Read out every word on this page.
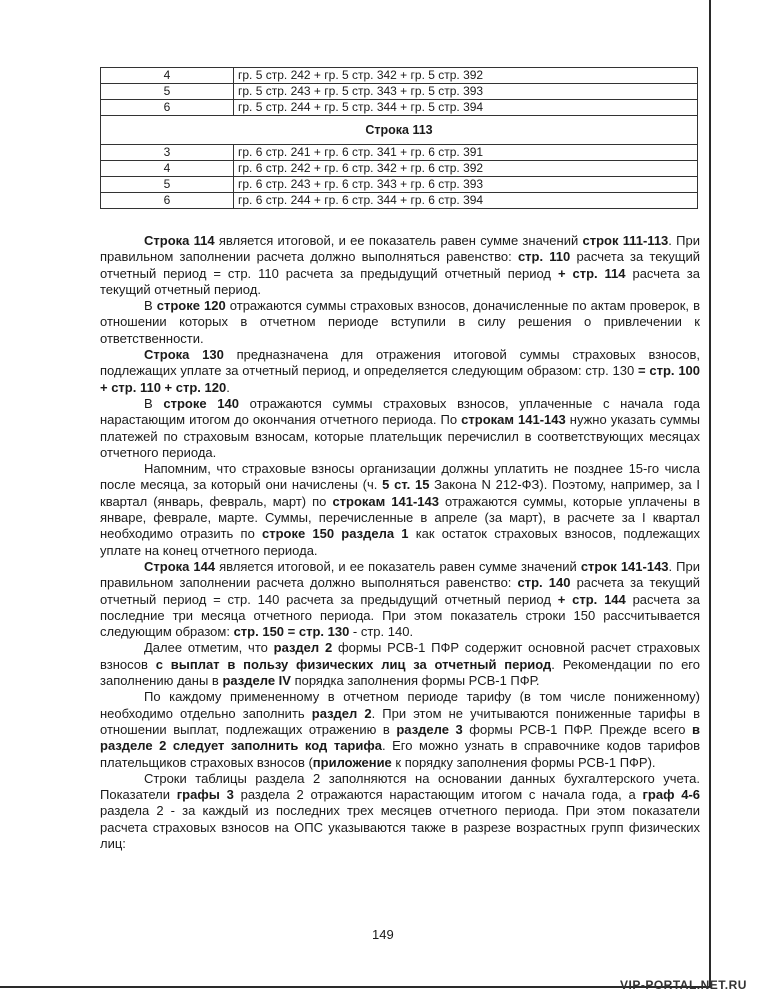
4	гр. 5 стр. 242 + гр. 5 стр. 342 + гр. 5 стр. 392
5	гр. 5 стр. 243 + гр. 5 стр. 343 + гр. 5 стр. 393
6	гр. 5 стр. 244 + гр. 5 стр. 344 + гр. 5 стр. 394
Строка 113	
3	гр. 6 стр. 241 + гр. 6 стр. 341 + гр. 6 стр. 391
4	гр. 6 стр. 242 + гр. 6 стр. 342 + гр. 6 стр. 392
5	гр. 6 стр. 243 + гр. 6 стр. 343 + гр. 6 стр. 393
6	гр. 6 стр. 244 + гр. 6 стр. 344 + гр. 6 стр. 394

Строка 114 является итоговой, и ее показатель равен сумме значений строк 111-113. При правильном заполнении расчета должно выполняться равенство: стр. 110 расчета за текущий отчетный период = стр. 110 расчета за предыдущий отчетный период + стр. 114 расчета за текущий отчетный период.

В строке 120 отражаются суммы страховых взносов, доначисленные по актам проверок, в отношении которых в отчетном периоде вступили в силу решения о привлечении к ответственности.

Строка 130 предназначена для отражения итоговой суммы страховых взносов, подлежащих уплате за отчетный период, и определяется следующим образом: стр. 130 = стр. 100 + стр. 110 + стр. 120.

В строке 140 отражаются суммы страховых взносов, уплаченные с начала года нарастающим итогом до окончания отчетного периода. По строкам 141-143 нужно указать суммы платежей по страховым взносам, которые плательщик перечислил в соответствующих месяцах отчетного периода.

Напомним, что страховые взносы организации должны уплатить не позднее 15-го числа после месяца, за который они начислены (ч. 5 ст. 15 Закона N 212-ФЗ). Поэтому, например, за I квартал (январь, февраль, март) по строкам 141-143 отражаются суммы, которые уплачены в январе, феврале, марте. Суммы, перечисленные в апреле (за март), в расчете за I квартал необходимо отразить по строке 150 раздела 1 как остаток страховых взносов, подлежащих уплате на конец отчетного периода.

Строка 144 является итоговой, и ее показатель равен сумме значений строк 141-143. При правильном заполнении расчета должно выполняться равенство: стр. 140 расчета за текущий отчетный период = стр. 140 расчета за предыдущий отчетный период + стр. 144 расчета за последние три месяца отчетного периода. При этом показатель строки 150 рассчитывается следующим образом: стр. 150 = стр. 130 - стр. 140.

Далее отметим, что раздел 2 формы РСВ-1 ПФР содержит основной расчет страховых взносов с выплат в пользу физических лиц за отчетный период. Рекомендации по его заполнению даны в разделе IV порядка заполнения формы РСВ-1 ПФР.

По каждому примененному в отчетном периоде тарифу (в том числе пониженному) необходимо отдельно заполнить раздел 2. При этом не учитываются пониженные тарифы в отношении выплат, подлежащих отражению в разделе 3 формы РСВ-1 ПФР. Прежде всего в разделе 2 следует заполнить код тарифа. Его можно узнать в справочнике кодов тарифов плательщиков страховых взносов (приложение к порядку заполнения формы РСВ-1 ПФР).

Строки таблицы раздела 2 заполняются на основании данных бухгалтерского учета. Показатели графы 3 раздела 2 отражаются нарастающим итогом с начала года, а граф 4-6 раздела 2 - за каждый из последних трех месяцев отчетного периода. При этом показатели расчета страховых взносов на ОПС указываются также в разрезе возрастных групп физических лиц:

149
VIP-PORTAL.NET.RU
